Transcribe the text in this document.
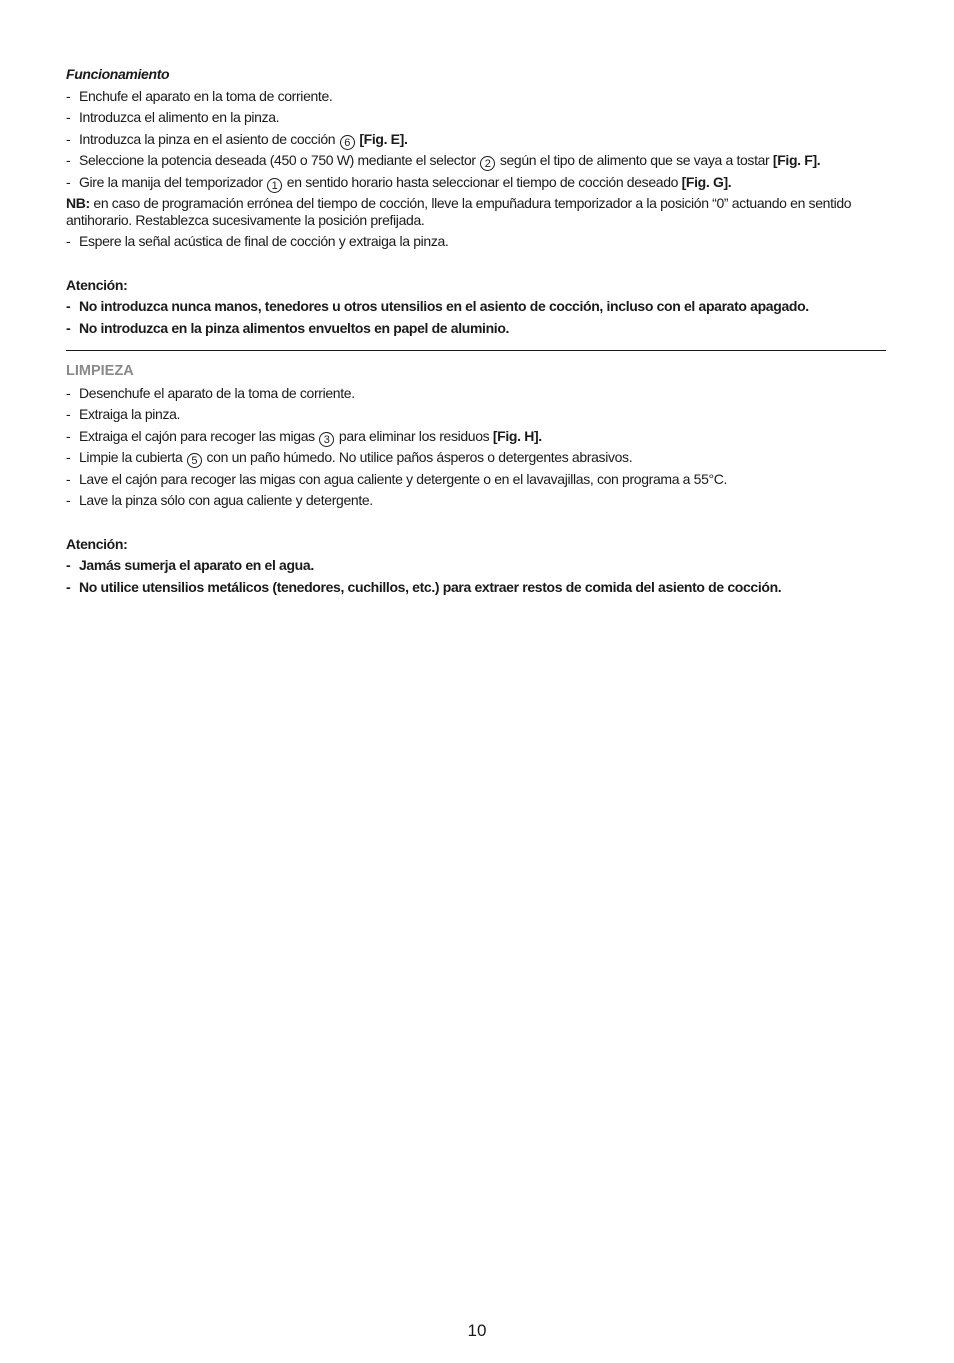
Funcionamiento

- Enchufe el aparato en la toma de corriente.
- Introduzca el alimento en la pinza.
- Introduzca la pinza en el asiento de cocción 6 [Fig. E].
- Seleccione la potencia deseada (450 o 750 W) mediante el selector 2 según el tipo de alimento que se vaya a tostar [Fig. F].
- Gire la manija del temporizador 1 en sentido horario hasta seleccionar el tiempo de cocción deseado [Fig. G].

NB: en caso de programación errónea del tiempo de cocción, lleve la empuñadura temporizador a la posición “0” actuando en sentido antihorario. Restablezca sucesivamente la posición prefijada.

- Espere la señal acústica de final de cocción y extraiga la pinza.

Atención:

- No introduzca nunca manos, tenedores u otros utensilios en el asiento de cocción, incluso con el aparato apagado.
- No introduzca en la pinza alimentos envueltos en papel de aluminio.

LIMPIEZA

- Desenchufe el aparato de la toma de corriente.
- Extraiga la pinza.
- Extraiga el cajón para recoger las migas 3 para eliminar los residuos [Fig. H].
- Limpie la cubierta 5 con un paño húmedo. No utilice paños ásperos o detergentes abrasivos.
- Lave el cajón para recoger las migas con agua caliente y detergente o en el lavavajillas, con programa a 55°C.
- Lave la pinza sólo con agua caliente y detergente.

Atención:

- Jamás sumerja el aparato en el agua.
- No utilice utensilios metálicos (tenedores, cuchillos, etc.) para extraer restos de comida del asiento de cocción.
10
